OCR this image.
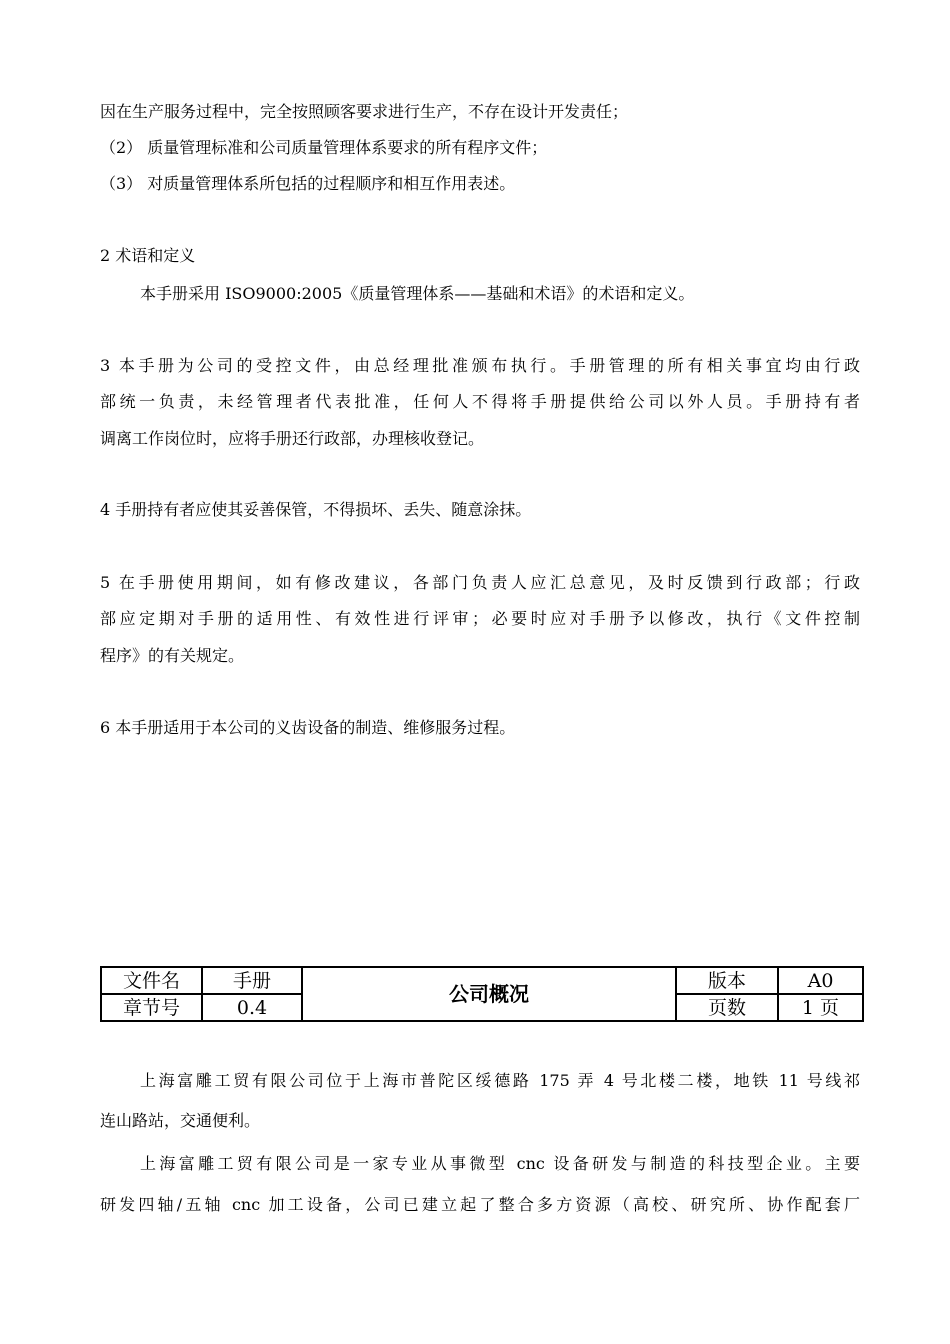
因在生产服务过程中，完全按照顾客要求进行生产，不存在设计开发责任；
（2） 质量管理标准和公司质量管理体系要求的所有程序文件；
（3） 对质量管理体系所包括的过程顺序和相互作用表述。
2 术语和定义
本手册采用 ISO9000:2005《质量管理体系——基础和术语》的术语和定义。
3 本手册为公司的受控文件，由总经理批准颁布执行。手册管理的所有相关事宜均由行政
部统一负责，未经管理者代表批准，任何人不得将手册提供给公司以外人员。手册持有者
调离工作岗位时，应将手册还行政部，办理核收登记。
4 手册持有者应使其妥善保管，不得损坏、丢失、随意涂抹。
5 在手册使用期间，如有修改建议，各部门负责人应汇总意见，及时反馈到行政部；行政
部应定期对手册的适用性、有效性进行评审；必要时应对手册予以修改，执行《文件控制
程序》的有关规定。
6 本手册适用于本公司的义齿设备的制造、维修服务过程。
文件名	手册	公司概况	版本	A0
章节号	0.4		页数	1 页
上海富雕工贸有限公司位于上海市普陀区绥德路 175 弄 4 号北楼二楼，地铁 11 号线祁
连山路站，交通便利。
上海富雕工贸有限公司是一家专业从事微型 cnc 设备研发与制造的科技型企业。主要
研发四轴/五轴 cnc 加工设备，公司已建立起了整合多方资源（高校、研究所、协作配套厂
